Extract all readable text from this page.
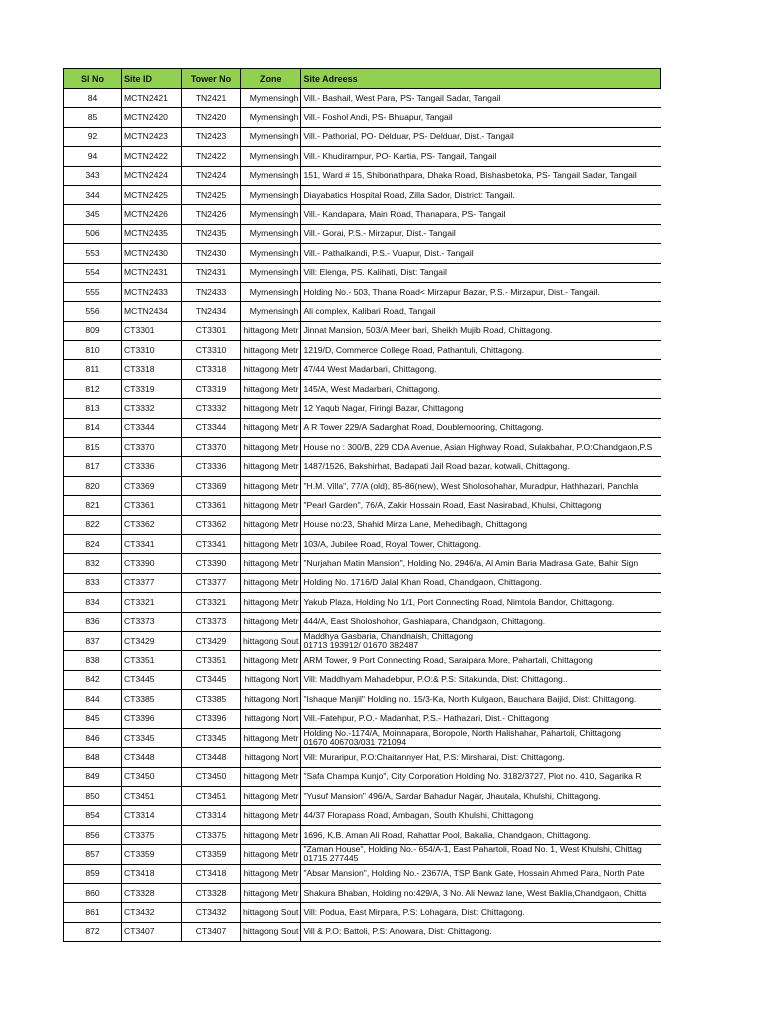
Sl No	Site ID	Tower No	Zone	Site Adreess
84	MCTN2421	TN2421	Mymensingh	Vill.- Bashail, West Para, PS- Tangail Sadar, Tangail

85	MCTN2420	TN2420	Mymensingh	Vill.- Foshol Andi, PS- Bhuapur, Tangail

92	MCTN2423	TN2423	Mymensingh	Vill.- Pathorial, PO- Delduar, PS- Delduar, Dist.- Tangail

94	MCTN2422	TN2422	Mymensingh	Vill.- Khudirampur, PO- Kartia, PS- Tangail, Tangail

343	MCTN2424	TN2424	Mymensingh	151, Ward # 15, Shibonathpara, Dhaka Road, Bishasbetoka, PS- Tangail Sadar, Tangail

344	MCTN2425	TN2425	Mymensingh	Diayabatics Hospital Road, Zilla Sador, District: Tangail.

345	MCTN2426	TN2426	Mymensingh	Vill.- Kandapara, Main Road, Thanapara, PS- Tangail

506	MCTN2435	TN2435	Mymensingh	Vill.- Gorai, P.S.- Mirzapur, Dist.- Tangail

553	MCTN2430	TN2430	Mymensingh	Vill.- Pathalkandi, P.S.- Vuapur, Dist.- Tangail

554	MCTN2431	TN2431	Mymensingh	Vill: Elenga, PS. Kalihati, Dist: Tangail

555	MCTN2433	TN2433	Mymensingh	Holding No.- 503, Thana Road< Mirzapur Bazar, P.S.- Mirzapur, Dist.- Tangail.

556	MCTN2434	TN2434	Mymensingh	Ali complex, Kalibari Road, Tangail

809	CT3301	CT3301	hittagong Metr	Jinnat Mansion, 503/A Meer bari, Sheikh Mujib Road, Chittagong.

810	CT3310	CT3310	hittagong Metr	1219/D, Commerce College Road, Pathantuli, Chittagong.

811	CT3318	CT3318	hittagong Metr	47/44 West Madarbari, Chittagong.

812	CT3319	CT3319	hittagong Metr	145/A, West Madarbari, Chittagong.

813	CT3332	CT3332	hittagong Metr	12 Yaqub Nagar, Firingi Bazar, Chittagong

814	CT3344	CT3344	hittagong Metr	A R Tower 229/A Sadarghat Road, Doublemooring, Chittagong.

815	CT3370	CT3370	hittagong Metr	House no : 300/B, 229 CDA Avenue, Asian Highway Road, Sulakbahar, P.O:Chandgaon,P.S

817	CT3336	CT3336	hittagong Metr	1487/1526, Bakshirhat, Badapati Jail Road bazar, kotwali, Chittagong.

820	CT3369	CT3369	hittagong Metr	"H.M. Villa", 77/A (old), 85-86(new), West Sholosohahar, Muradpur, Hathhazari, Panchla

821	CT3361	CT3361	hittagong Metr	"Pearl Garden", 76/A, Zakir Hossain Road, East Nasirabad, Khulsi, Chittagong

822	CT3362	CT3362	hittagong Metr	House no:23, Shahid Mirza Lane, Mehedibagh, Chittagong

824	CT3341	CT3341	hittagong Metr	103/A, Jubilee Road, Royal Tower, Chittagong.

832	CT3390	CT3390	hittagong Metr	"Nurjahan Matin Mansion", Holding No. 2946/a, Al Amin Baria Madrasa Gate, Bahir Sign

833	CT3377	CT3377	hittagong Metr	Holding No. 1716/D Jalal Khan Road, Chandgaon, Chittagong.

834	CT3321	CT3321	hittagong Metr	Yakub Plaza, Holding No 1/1, Port Connecting Road, Nimtola Bandor, Chittagong.

836	CT3373	CT3373	hittagong Metr	444/A, East Sholoshohor, Gashiapara, Chandgaon, Chittagong.

837	CT3429	CT3429	hittagong Sout	Maddhya Gasbaria, Chandnaish, Chittagong
01713 193912/ 01670 382487

838	CT3351	CT3351	hittagong Metr	ARM Tower, 9 Port Connecting Road, Saraipara More, Pahartali, Chittagong

842	CT3445	CT3445	hittagong Nort	Vill: Maddhyam Mahadebpur, P.O:& P.S: Sitakunda, Dist: Chittagong..

844	CT3385	CT3385	hittagong Nort	"Ishaque Manjil" Holding no. 15/3-Ka, North Kulgaon, Bauchara Baijid, Dist: Chittagong.

845	CT3396	CT3396	hittagong Nort	Vill.-Fatehpur, P.O.- Madanhat, P.S.- Hathazari, Dist.- Chittagong

846	CT3345	CT3345	hittagong Metr	Holding No.-1174/A, Moinnapara, Boropole, North Halishahar, Pahartoli, Chittagong
01670 406703/031 721094

848	CT3448	CT3448	hittagong Nort	Vill: Muraripur, P.O:Chaitannyer Hat, P.S: Mirsharai, Dist: Chittagong.

849	CT3450	CT3450	hittagong Metr	"Safa Champa Kunjo", City Corporation Holding No. 3182/3727, Plot no. 410, Sagarika R

850	CT3451	CT3451	hittagong Metr	"Yusuf Mansion" 496/A, Sardar Bahadur Nagar, Jhautala, Khulshi, Chittagong.

854	CT3314	CT3314	hittagong Metr	44/37 Florapass Road, Ambagan, South Khulshi, Chittagong

856	CT3375	CT3375	hittagong Metr	1696, K.B. Aman Ali Road, Rahattar Pool, Bakalia, Chandgaon, Chittagong.

857	CT3359	CT3359	hittagong Metr	"Zaman House", Holding No.- 654/A-1, East Pahartoli, Road No. 1, West Khulshi, Chittag
01715 277445

859	CT3418	CT3418	hittagong Metr	"Absar Mansion", Holding No.- 2367/A, TSP Bank Gate, Hossain Ahmed Para, North Pate

860	CT3328	CT3328	hittagong Metr	Shakura Bhaban, Holding no:429/A, 3 No. Ali Newaz lane, West Baklia,Chandgaon, Chitta

861	CT3432	CT3432	hittagong Sout	Vill: Podua, East Mirpara, P.S: Lohagara, Dist: Chittagong.

872	CT3407	CT3407	hittagong Sout	Vill & P.O: Battoli, P.S: Anowara, Dist: Chittagong.
